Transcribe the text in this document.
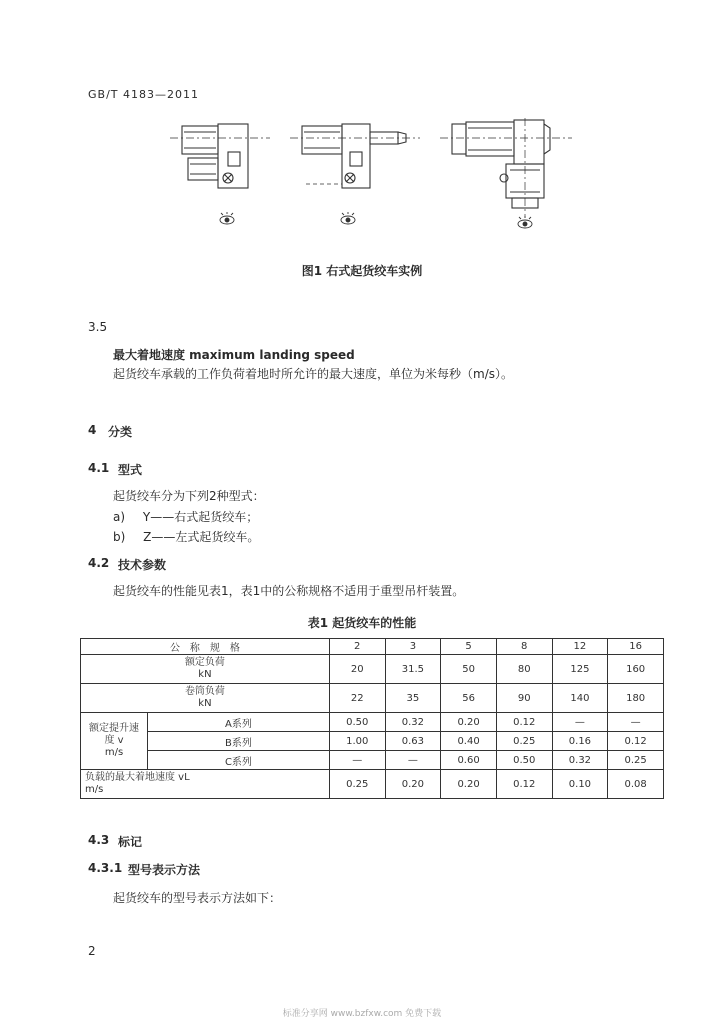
GB/T 4183—2011
图1 右式起货绞车实例
3.5
最大着地速度 maximum landing speed
起货绞车承载的工作负荷着地时所允许的最大速度，单位为米每秒（m/s）。
4 分类
4.1 型式
起货绞车分为下列2种型式：
a) Y——右式起货绞车；
b) Z——左式起货绞车。
4.2 技术参数
起货绞车的性能见表1，表1中的公称规格不适用于重型吊杆装置。
表1 起货绞车的性能
公　称　规　格		2	3	5	8	12	16

额定负荷
kN		20	31.5	50	80	125	160

卷筒负荷
kN		22	35	56	90	140	180

额定提升速
度 v
m/s	A系列	0.50	0.32	0.20	0.12	—	—
	B系列	1.00	0.63	0.40	0.25	0.16	0.12
	C系列	—	—	0.60	0.50	0.32	0.25

负载的最大着地速度 vL
m/s		0.25	0.20	0.20	0.12	0.10	0.08
4.3 标记
4.3.1 型号表示方法
起货绞车的型号表示方法如下：
2
标准分享网 www.bzfxw.com 免费下载
